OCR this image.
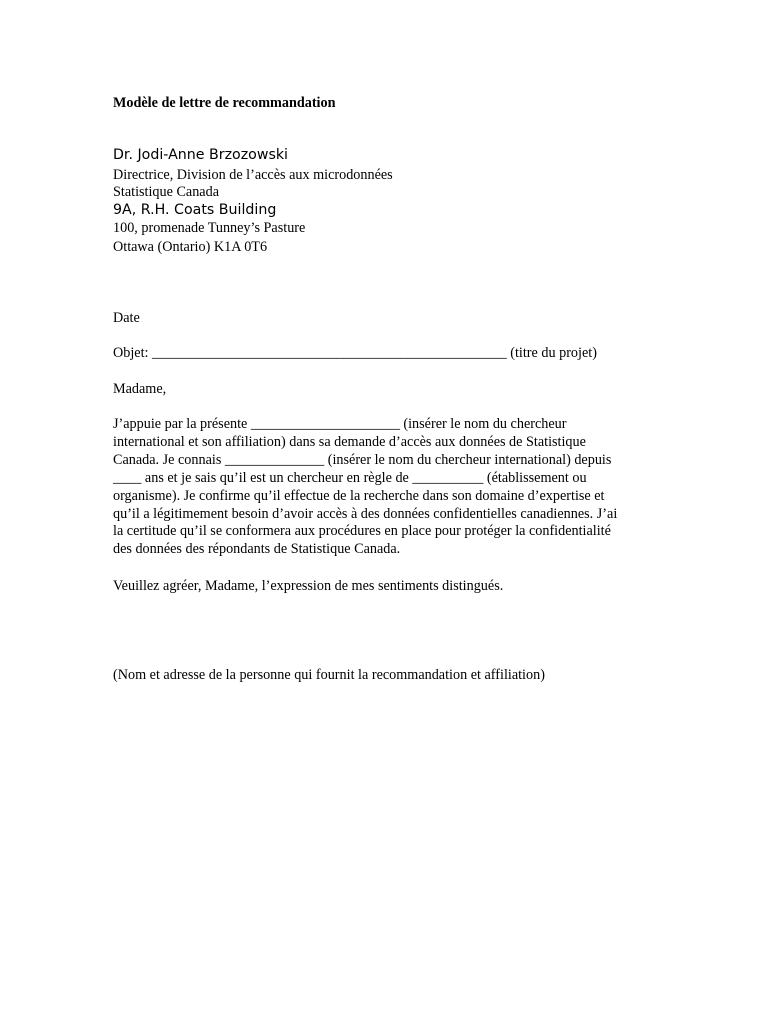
Modèle de lettre de recommandation
Dr. Jodi-Anne Brzozowski
Directrice, Division de l’accès aux microdonnées
Statistique Canada
9A, R.H. Coats Building
100, promenade Tunney’s Pasture
Ottawa (Ontario) K1A 0T6
Date
Objet: __________________________________________________ (titre du projet)
Madame,

J’appuie par la présente _____________________ (insérer le nom du chercheur
international et son affiliation) dans sa demande d’accès aux données de Statistique
Canada. Je connais ______________ (insérer le nom du chercheur international) depuis
____ ans et je sais qu’il est un chercheur en règle de __________ (établissement ou
organisme). Je confirme qu’il effectue de la recherche dans son domaine d’expertise et
qu’il a légitimement besoin d’avoir accès à des données confidentielles canadiennes. J’ai
la certitude qu’il se conformera aux procédures en place pour protéger la confidentialité
des données des répondants de Statistique Canada.

Veuillez agréer, Madame, l’expression de mes sentiments distingués.
(Nom et adresse de la personne qui fournit la recommandation et affiliation)
